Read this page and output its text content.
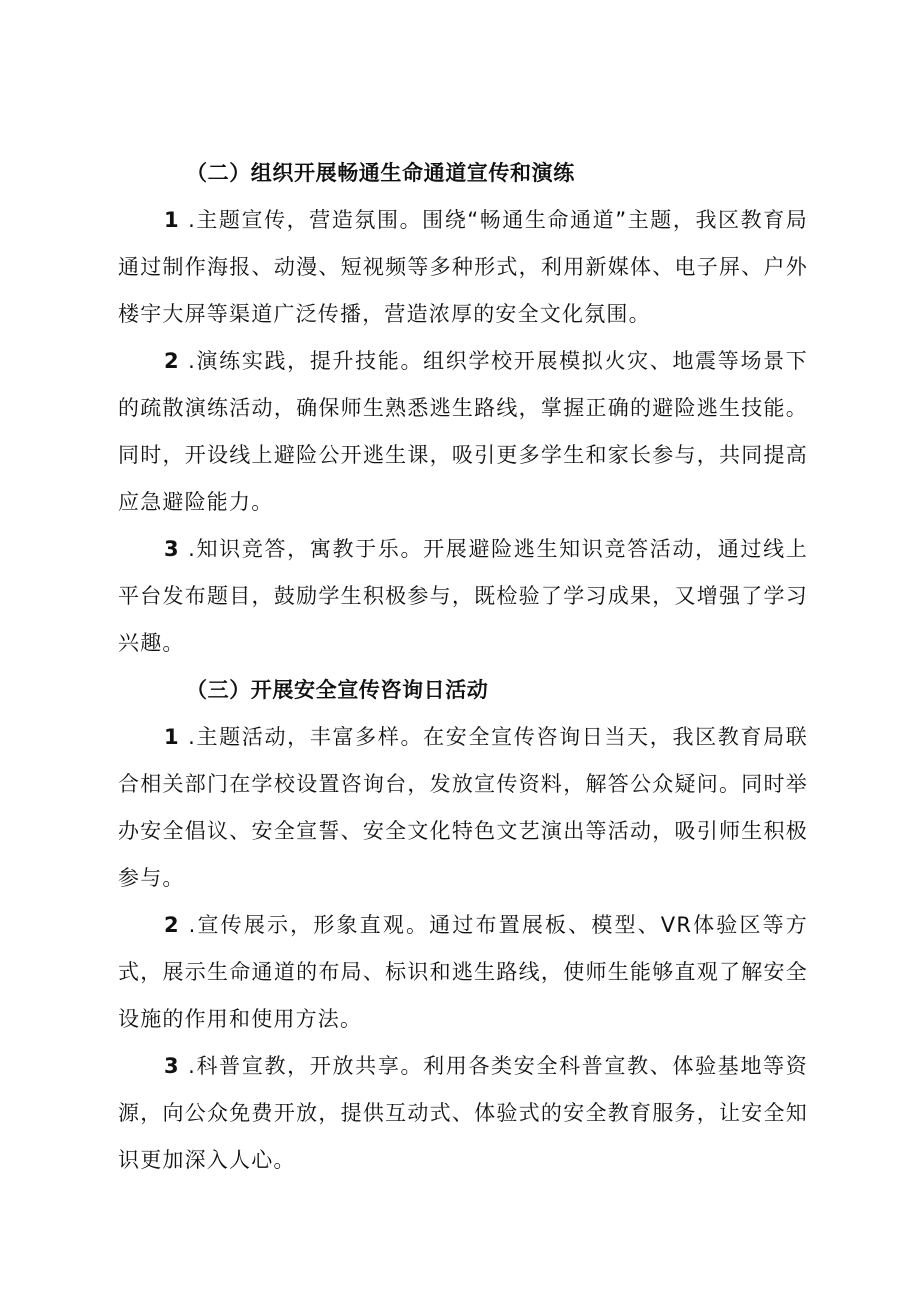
（二）组织开展畅通生命通道宣传和演练

1 .主题宣传，营造氛围。围绕“畅通生命通道”主题，我区教育局通过制作海报、动漫、短视频等多种形式，利用新媒体、电子屏、户外楼宇大屏等渠道广泛传播，营造浓厚的安全文化氛围。

2 .演练实践，提升技能。组织学校开展模拟火灾、地震等场景下的疏散演练活动，确保师生熟悉逃生路线，掌握正确的避险逃生技能。同时，开设线上避险公开逃生课，吸引更多学生和家长参与，共同提高应急避险能力。

3 .知识竞答，寓教于乐。开展避险逃生知识竞答活动，通过线上平台发布题目，鼓励学生积极参与，既检验了学习成果，又增强了学习兴趣。

（三）开展安全宣传咨询日活动

1 .主题活动，丰富多样。在安全宣传咨询日当天，我区教育局联合相关部门在学校设置咨询台，发放宣传资料，解答公众疑问。同时举办安全倡议、安全宣誓、安全文化特色文艺演出等活动，吸引师生积极参与。

2 .宣传展示，形象直观。通过布置展板、模型、VR体验区等方式，展示生命通道的布局、标识和逃生路线，使师生能够直观了解安全设施的作用和使用方法。

3 .科普宣教，开放共享。利用各类安全科普宣教、体验基地等资源，向公众免费开放，提供互动式、体验式的安全教育服务，让安全知识更加深入人心。
